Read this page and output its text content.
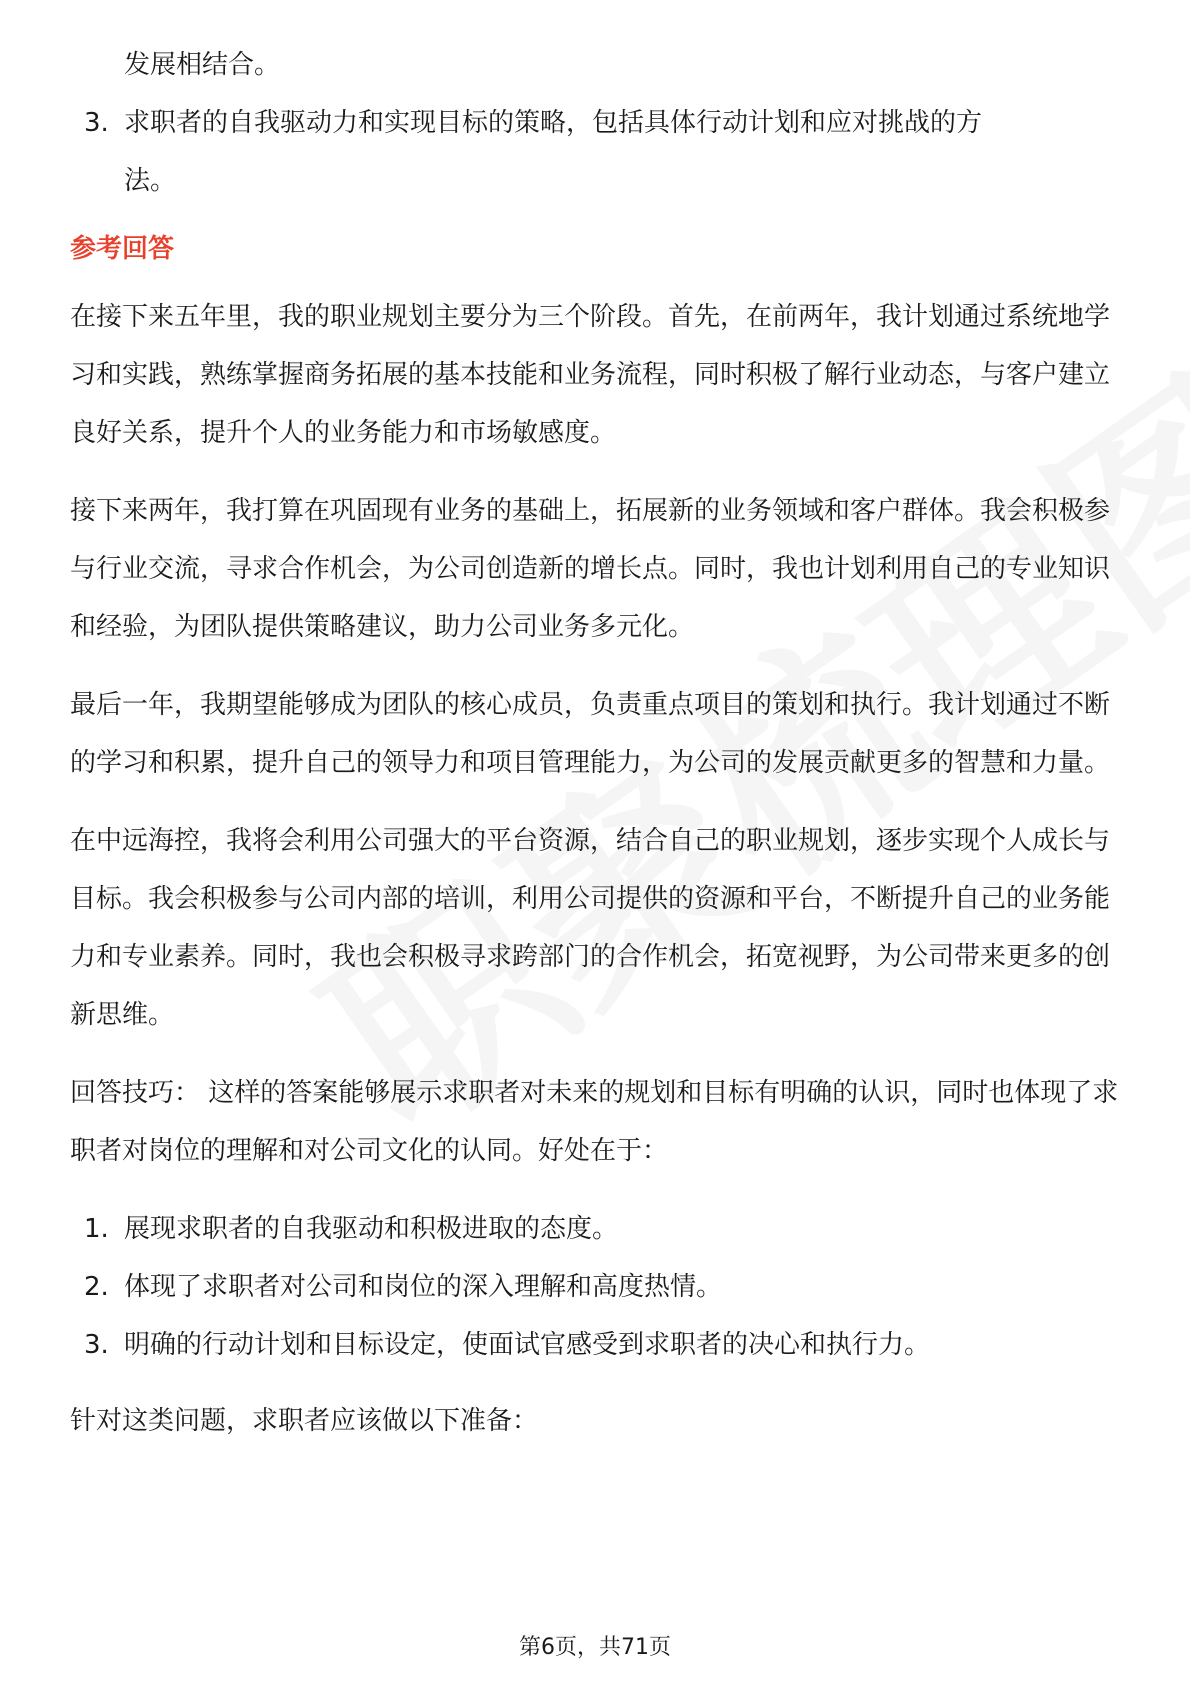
发展相结合。
3. 求职者的自我驱动力和实现目标的策略，包括具体行动计划和应对挑战的方
法。
参考回答
在接下来五年里，我的职业规划主要分为三个阶段。首先，在前两年，我计划通过系统地学习和实践，熟练掌握商务拓展的基本技能和业务流程，同时积极了解行业动态，与客户建立良好关系，提升个人的业务能力和市场敏感度。
接下来两年，我打算在巩固现有业务的基础上，拓展新的业务领域和客户群体。我会积极参与行业交流，寻求合作机会，为公司创造新的增长点。同时，我也计划利用自己的专业知识和经验，为团队提供策略建议，助力公司业务多元化。
最后一年，我期望能够成为团队的核心成员，负责重点项目的策划和执行。我计划通过不断的学习和积累，提升自己的领导力和项目管理能力，为公司的发展贡献更多的智慧和力量。
在中远海控，我将会利用公司强大的平台资源，结合自己的职业规划，逐步实现个人成长与目标。我会积极参与公司内部的培训，利用公司提供的资源和平台，不断提升自己的业务能力和专业素养。同时，我也会积极寻求跨部门的合作机会，拓宽视野，为公司带来更多的创新思维。
回答技巧： 这样的答案能够展示求职者对未来的规划和目标有明确的认识，同时也体现了求职者对岗位的理解和对公司文化的认同。好处在于：
1. 展现求职者的自我驱动和积极进取的态度。
2. 体现了求职者对公司和岗位的深入理解和高度热情。
3. 明确的行动计划和目标设定，使面试官感受到求职者的决心和执行力。
针对这类问题，求职者应该做以下准备：
第6页，共71页
